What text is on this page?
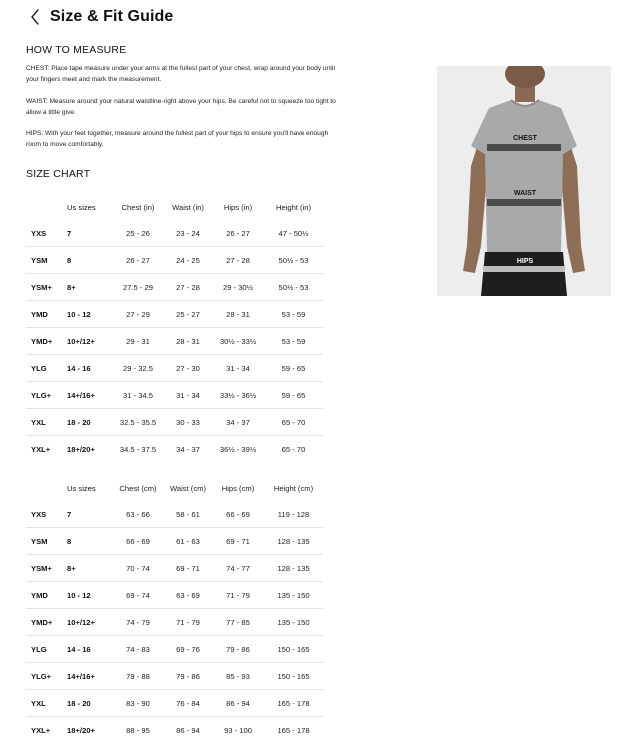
Size & Fit Guide
HOW TO MEASURE
CHEST: Place tape measure under your arms at the fullest part of your chest, wrap around your body until your fingers meet and mark the measurement.
WAIST: Measure around your natural waistline-right above your hips. Be careful not to squeeze too tight to allow a little give.
HIPS: With your feet together, measure around the fullest part of your hips to ensure you'll have enough room to move comfortably.
CHEST
WAIST
HIPS
SIZE CHART
	Us sizes	Chest (in)	Waist (in)	Hips (in)	Height (in)
YXS	7	25 - 26	23 - 24	26 - 27	47 - 50½
YSM	8	26 - 27	24 - 25	27 - 28	50½ - 53
YSM+	8+	27.5 - 29	27 - 28	29 - 30½	50½ - 53
YMD	10 - 12	27 - 29	25 - 27	28 - 31	53 - 59
YMD+	10+/12+	29 - 31	28 - 31	30½ - 33½	53 - 59
YLG	14 - 16	29 - 32.5	27 - 30	31 - 34	59 - 65
YLG+	14+/16+	31 - 34.5	31 - 34	33½ - 36½	59 - 65
YXL	18 - 20	32.5 - 35.5	30 - 33	34 - 37	65 - 70
YXL+	18+/20+	34.5 - 37.5	34 - 37	36½ - 39½	65 - 70
	Us sizes	Chest (cm)	Waist (cm)	Hips (cm)	Height (cm)
YXS	7	63 - 66	58 - 61	66 - 69	119 - 128
YSM	8	66 - 69	61 - 63	69 - 71	128 - 135
YSM+	8+	70 - 74	69 - 71	74 - 77	128 - 135
YMD	10 - 12	69 - 74	63 - 69	71 - 79	135 - 150
YMD+	10+/12+	74 - 79	71 - 79	77 - 85	135 - 150
YLG	14 - 16	74 - 83	69 - 76	79 - 86	150 - 165
YLG+	14+/16+	79 - 88	79 - 86	85 - 93	150 - 165
YXL	18 - 20	83 - 90	76 - 84	86 - 94	165 - 178
YXL+	18+/20+	88 - 95	86 - 94	93 - 100	165 - 178
